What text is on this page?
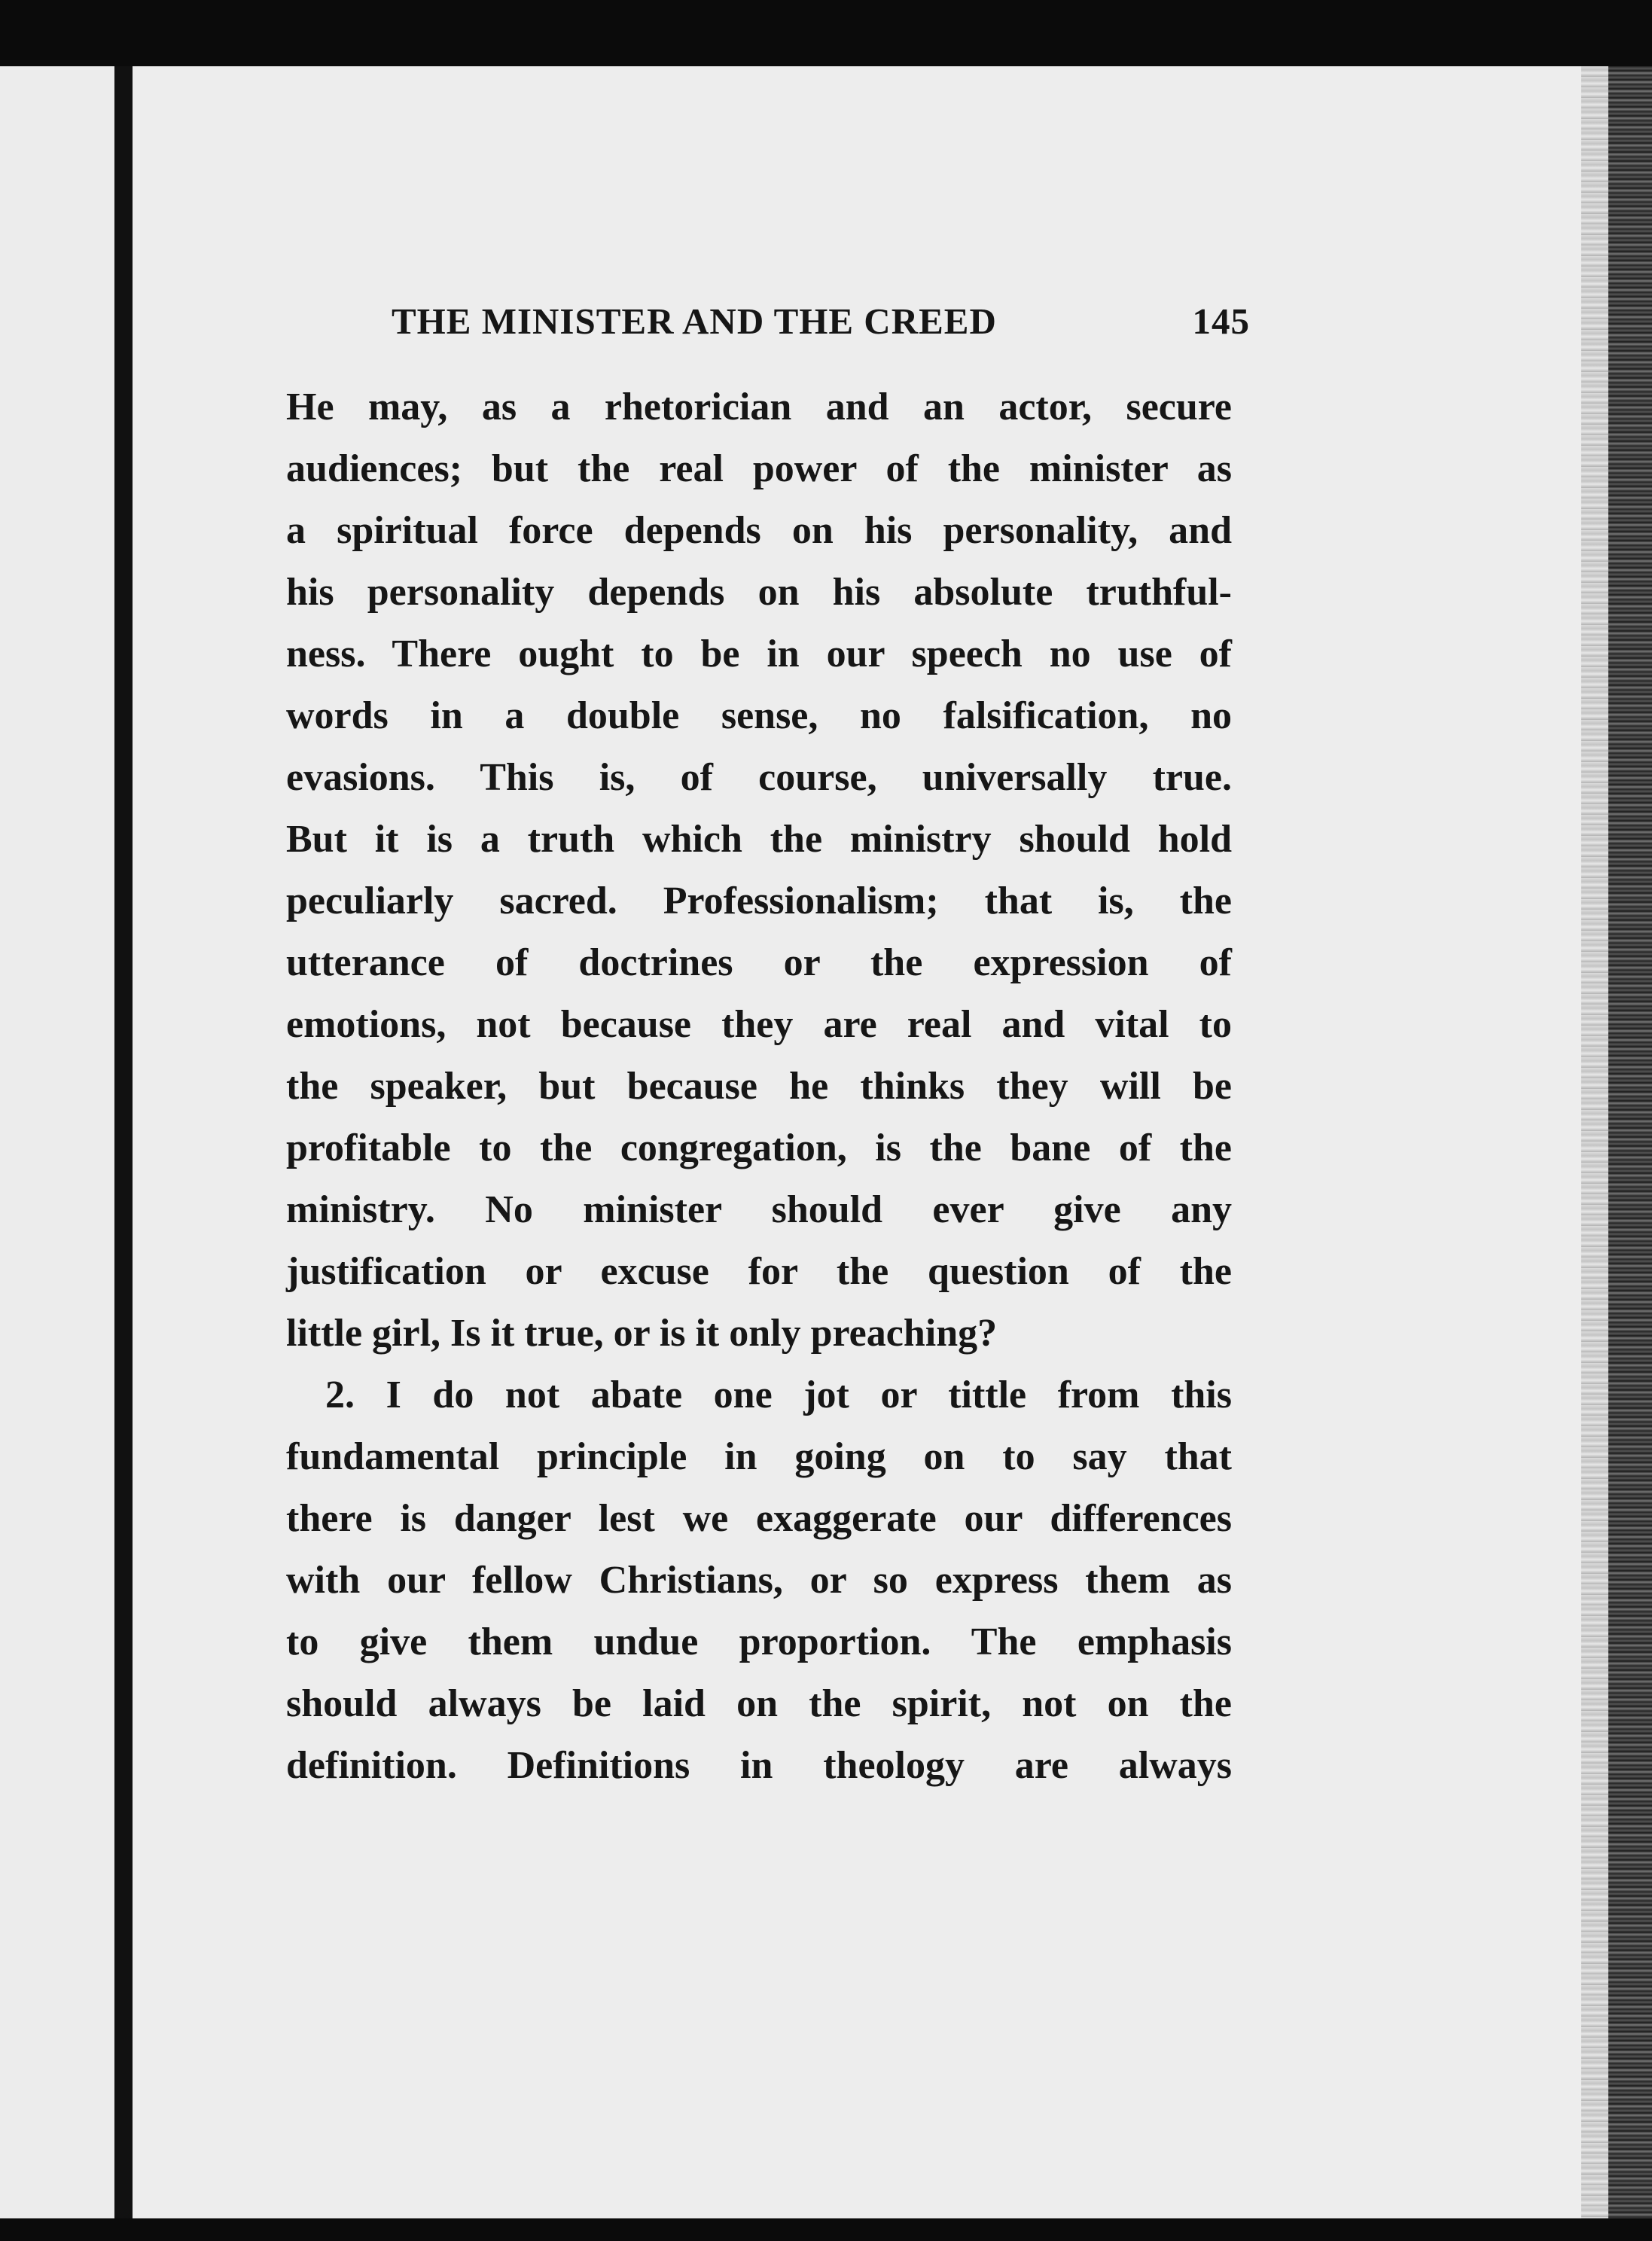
THE MINISTER AND THE CREED	145
He may, as a rhetorician and an actor, secure
audiences; but the real power of the minister as
a spiritual force depends on his personality, and
his personality depends on his absolute truthful-
ness. There ought to be in our speech no use of
words in a double sense, no falsification, no
evasions. This is, of course, universally true.
But it is a truth which the ministry should hold
peculiarly sacred. Professionalism; that is, the
utterance of doctrines or the expression of
emotions, not because they are real and vital to
the speaker, but because he thinks they will be
profitable to the congregation, is the bane of the
ministry. No minister should ever give any
justification or excuse for the question of the
little girl, Is it true, or is it only preaching?
2. I do not abate one jot or tittle from this
fundamental principle in going on to say that
there is danger lest we exaggerate our differences
with our fellow Christians, or so express them as
to give them undue proportion. The emphasis
should always be laid on the spirit, not on the
definition. Definitions in theology are always
